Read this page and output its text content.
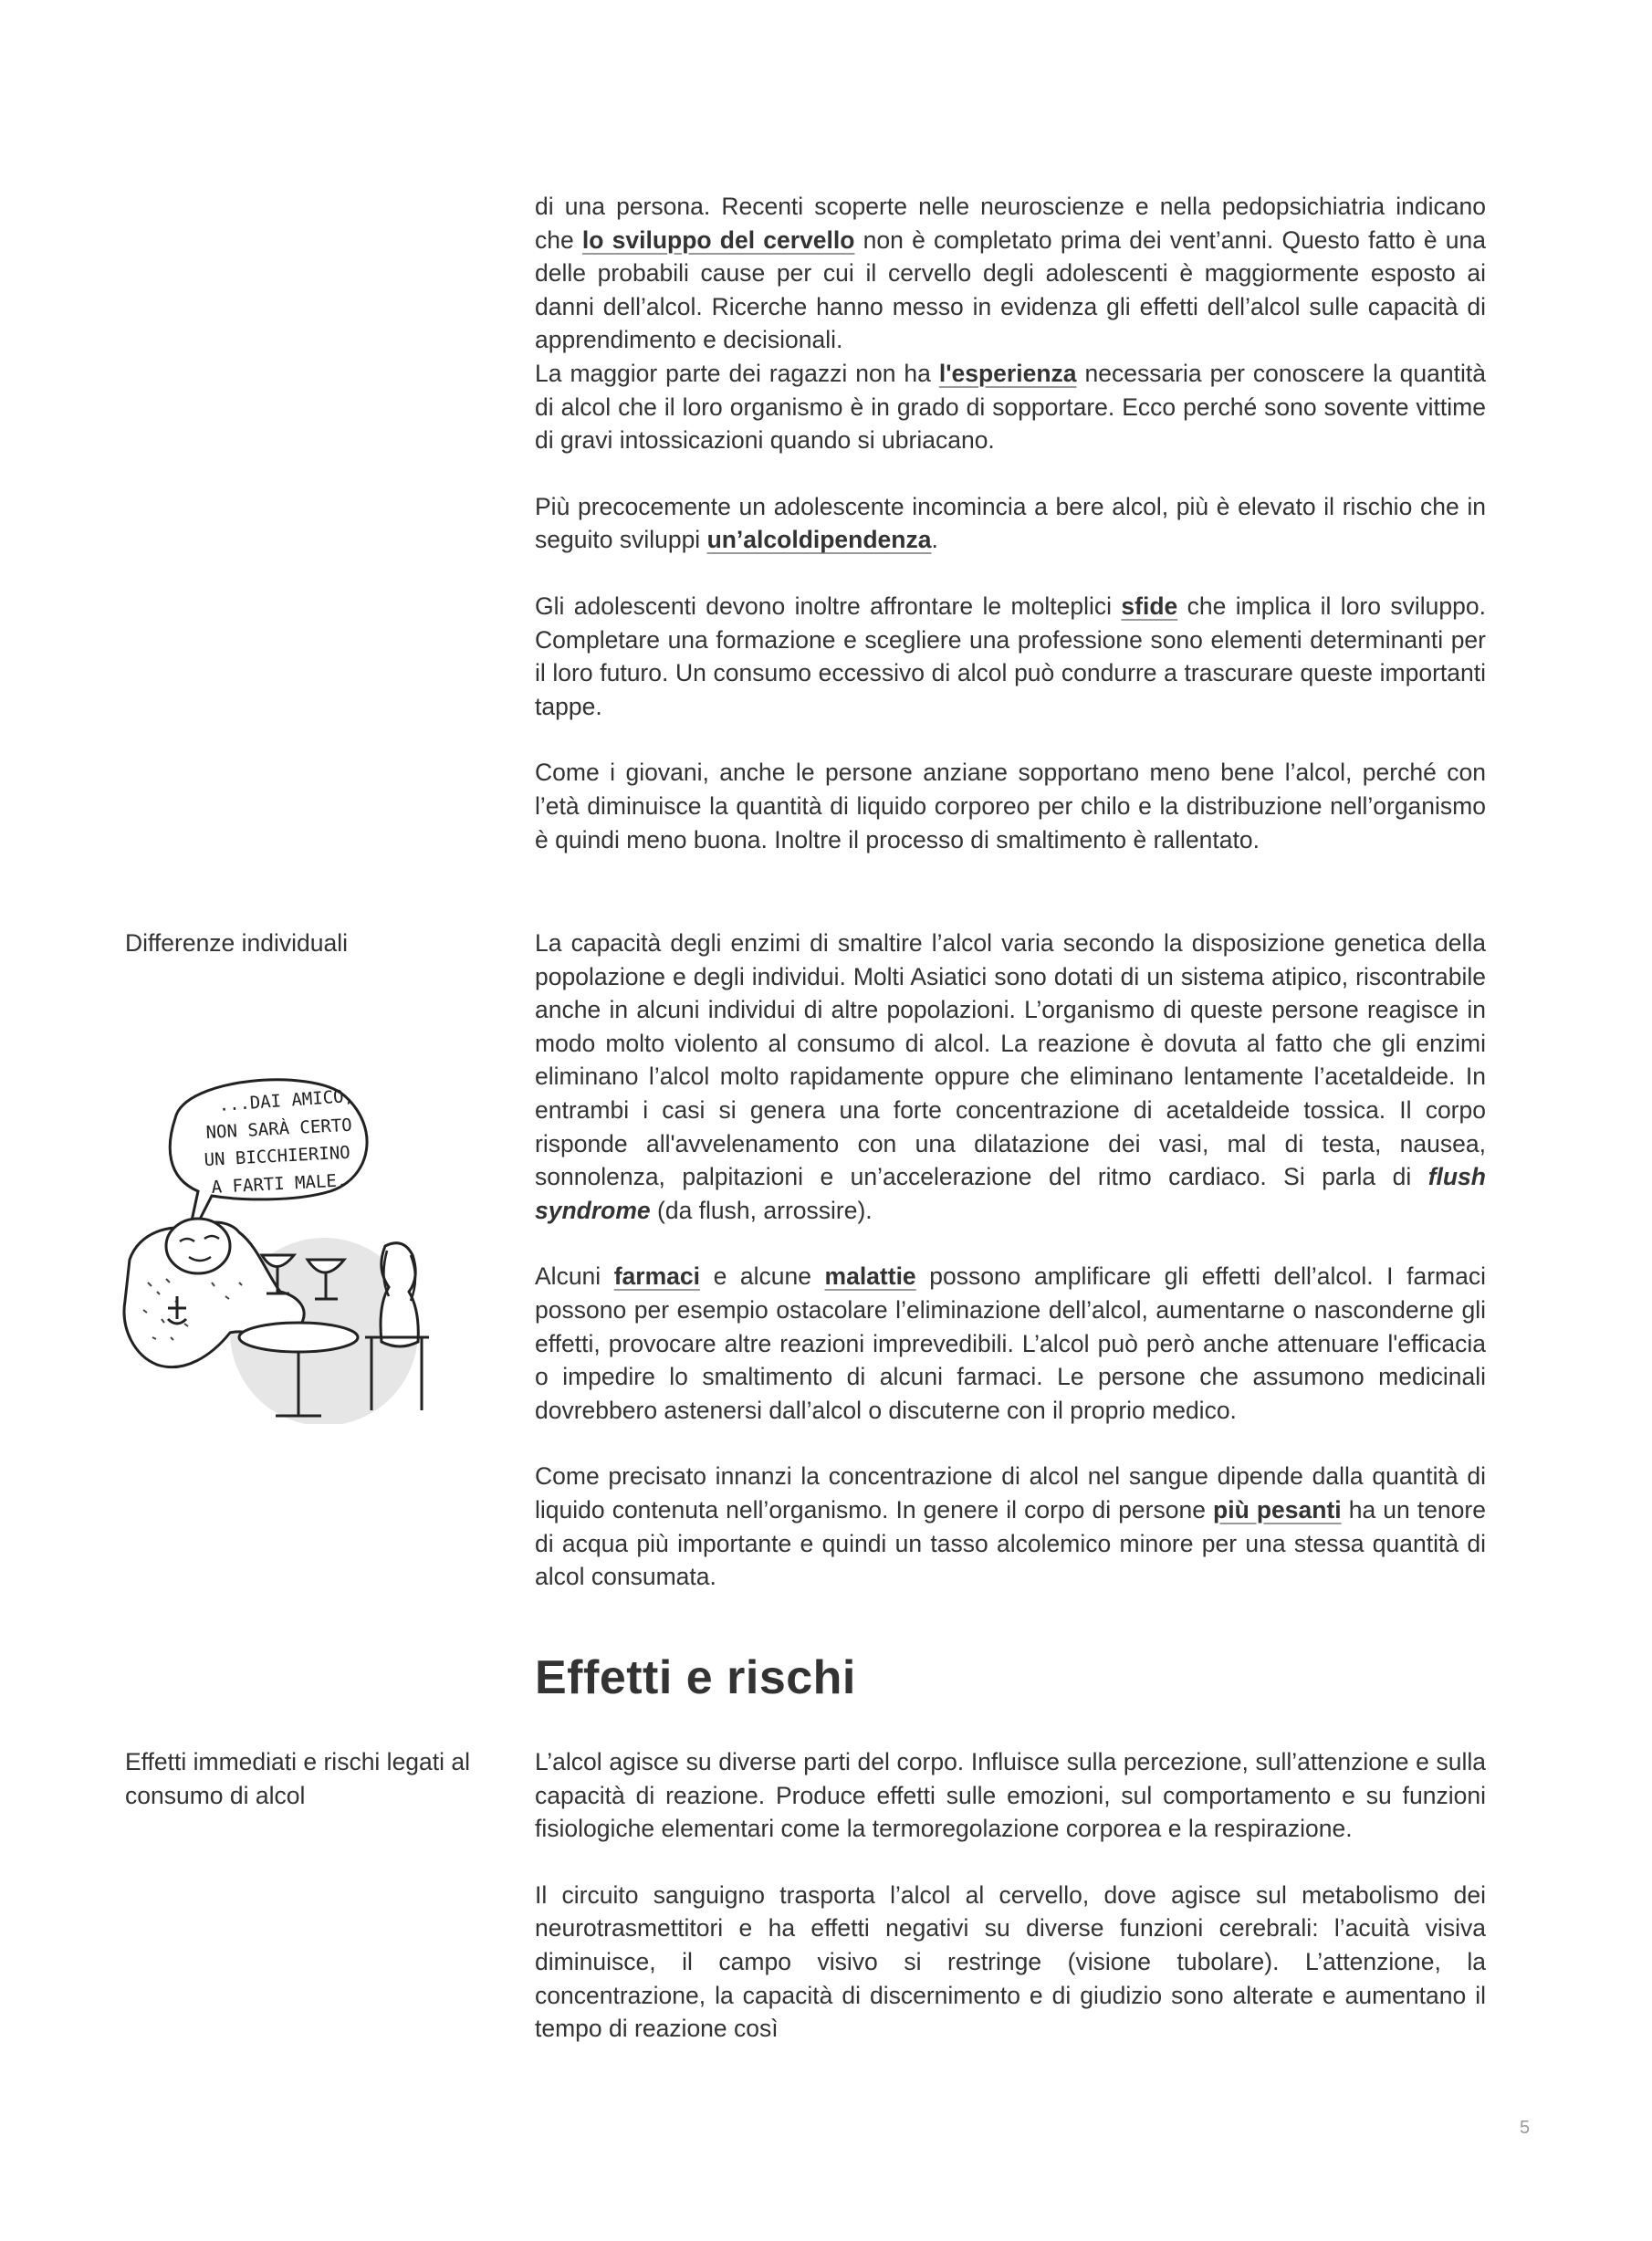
di una persona. Recenti scoperte nelle neuroscienze e nella pedopsichiatria indicano che lo sviluppo del cervello non è completato prima dei vent’anni. Questo fatto è una delle probabili cause per cui il cervello degli adolescenti è maggiormente esposto ai danni dell’alcol. Ricerche hanno messo in evidenza gli effetti dell’alcol sulle capacità di apprendimento e decisionali.
La maggior parte dei ragazzi non ha l'esperienza necessaria per conoscere la quantità di alcol che il loro organismo è in grado di sopportare. Ecco perché sono sovente vittime di gravi intossicazioni quando si ubriacano.

Più precocemente un adolescente incomincia a bere alcol, più è elevato il rischio che in seguito sviluppi un’alcoldipendenza.

Gli adolescenti devono inoltre affrontare le molteplici sfide che implica il loro sviluppo. Completare una formazione e scegliere una professione sono elementi determinanti per il loro futuro. Un consumo eccessivo di alcol può condurre a trascurare queste importanti tappe.

Come i giovani, anche le persone anziane sopportano meno bene l’alcol, perché con l’età diminuisce la quantità di liquido corporeo per chilo e la distribuzione nell’organismo è quindi meno buona. Inoltre il processo di smaltimento è rallentato.

Differenze individuali	La capacità degli enzimi di smaltire l’alcol varia secondo la disposizione genetica della popolazione e degli individui. Molti Asiatici sono dotati di un sistema atipico, riscontrabile anche in alcuni individui di altre popolazioni. L’organismo di queste persone reagisce in modo molto violento al consumo di alcol. La reazione è dovuta al fatto che gli enzimi eliminano l’alcol molto rapidamente oppure che eliminano lentamente l’acetaldeide. In entrambi i casi si genera una forte concentrazione di acetaldeide tossica. Il corpo risponde all'avvelenamento con una dilatazione dei vasi, mal di testa, nausea, sonnolenza, palpitazioni e un’accelerazione del ritmo cardiaco. Si parla di flush syndrome (da flush, arrossire).

Alcuni farmaci e alcune malattie possono amplificare gli effetti dell’alcol. I farmaci possono per esempio ostacolare l’eliminazione dell’alcol, aumentarne o nasconderne gli effetti, provocare altre reazioni imprevedibili. L’alcol può però anche attenuare l'efficacia o impedire lo smaltimento di alcuni farmaci. Le persone che assumono medicinali dovrebbero astenersi dall’alcol o discuterne con il proprio medico.

Come precisato innanzi la concentrazione di alcol nel sangue dipende dalla quantità di liquido contenuta nell’organismo. In genere il corpo di persone più pesanti ha un tenore di acqua più importante e quindi un tasso alcolemico minore per una stessa quantità di alcol consumata.

...DAI AMICO,
NON SARÀ CERTO
UN BICCHIERINO
A FARTI MALE.
Effetti e rischi
Effetti immediati e rischi legati al consumo di alcol

L’alcol agisce su diverse parti del corpo. Influisce sulla percezione, sull’attenzione e sulla capacità di reazione. Produce effetti sulle emozioni, sul comportamento e su funzioni fisiologiche elementari come la termoregolazione corporea e la respirazione.

Il circuito sanguigno trasporta l’alcol al cervello, dove agisce sul metabolismo dei neurotrasmettitori e ha effetti negativi su diverse funzioni cerebrali: l’acuità visiva diminuisce, il campo visivo si restringe (visione tubolare). L’attenzione, la concentrazione, la capacità di discernimento e di giudizio sono alterate e aumentano il tempo di reazione così

5
